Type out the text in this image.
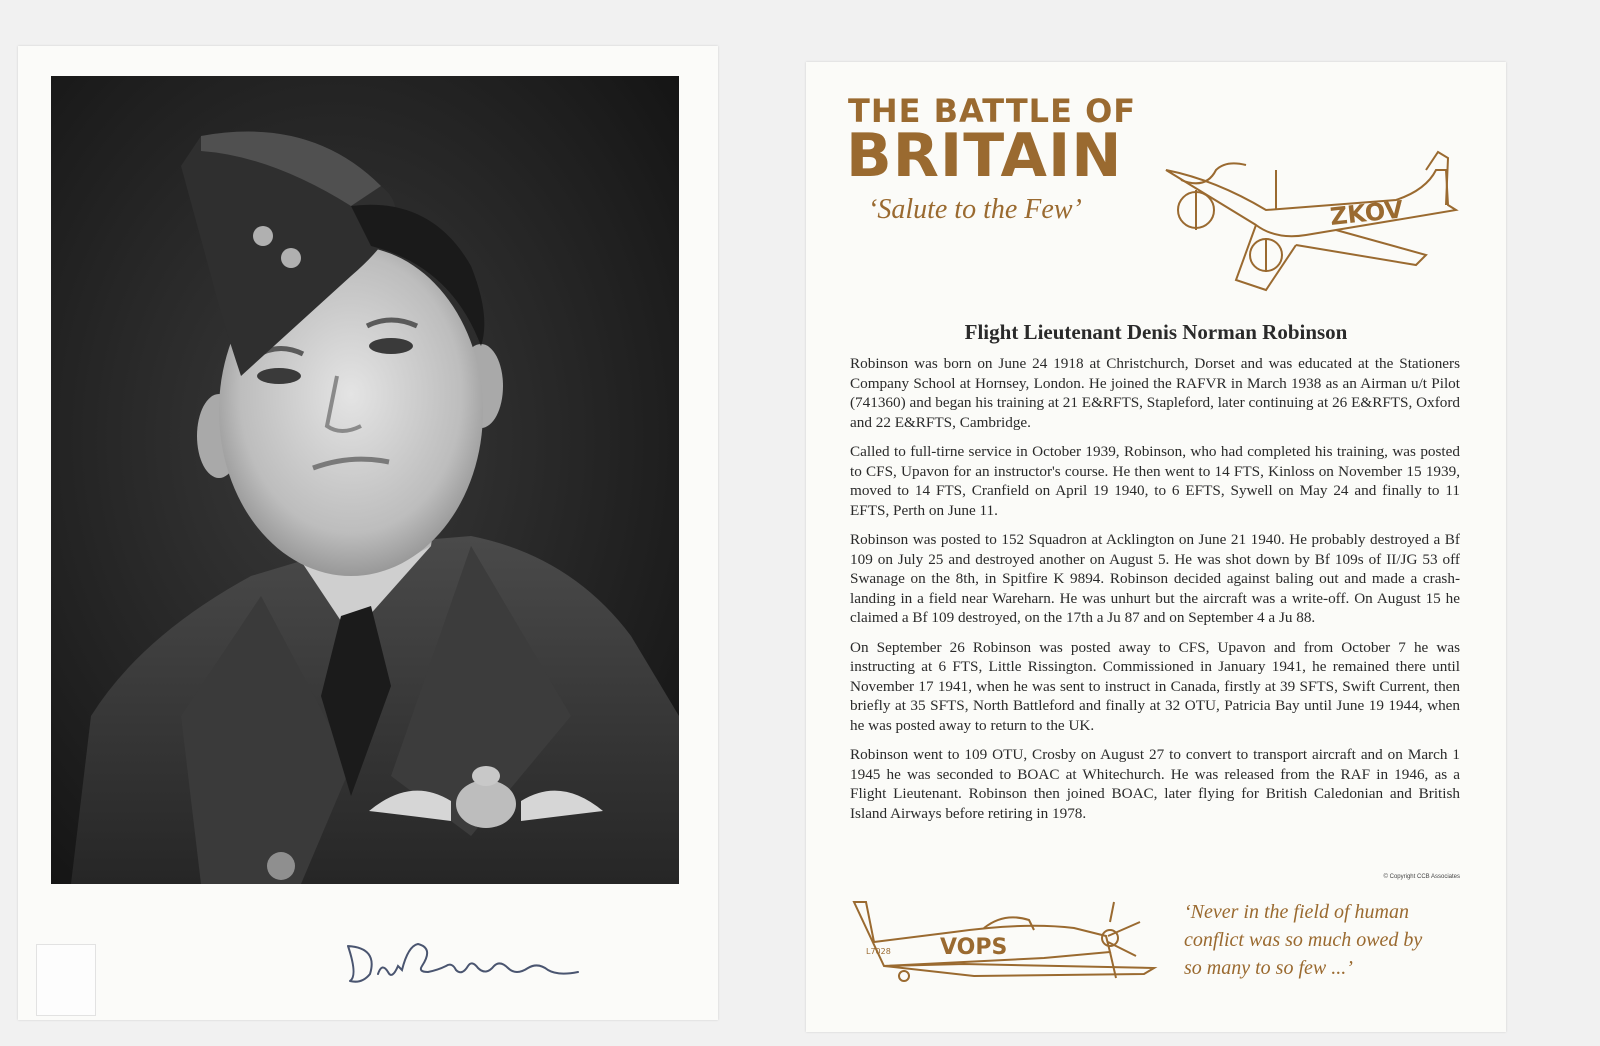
THE BATTLE OF
BRITAIN
‘Salute to the Few’	ZKOV
Flight Lieutenant Denis Norman Robinson

Robinson was born on June 24 1918 at Christchurch, Dorset and was educated at the Stationers Company School at Hornsey, London. He joined the RAFVR in March 1938 as an Airman u/t Pilot (741360) and began his training at 21 E&RFTS, Stapleford, later continuing at 26 E&RFTS, Oxford and 22 E&RFTS, Cambridge.

Called to full-tirne service in October 1939, Robinson, who had completed his training, was posted to CFS, Upavon for an instructor's course. He then went to 14 FTS, Kinloss on November 15 1939, moved to 14 FTS, Cranfield on April 19 1940, to 6 EFTS, Sywell on May 24 and finally to 11 EFTS, Perth on June 11.

Robinson was posted to 152 Squadron at Acklington on June 21 1940. He probably destroyed a Bf 109 on July 25 and destroyed another on August 5. He was shot down by Bf 109s of II/JG 53 off Swanage on the 8th, in Spitfire K 9894. Robinson decided against baling out and made a crash-landing in a field near Wareharn. He was unhurt but the aircraft was a write-off. On August 15 he claimed a Bf 109 destroyed, on the 17th a Ju 87 and on September 4 a Ju 88.

On September 26 Robinson was posted away to CFS, Upavon and from October 7 he was instructing at 6 FTS, Little Rissington. Commissioned in January 1941, he remained there until November 17 1941, when he was sent to instruct in Canada, firstly at 39 SFTS, Swift Current, then briefly at 35 SFTS, North Battleford and finally at 32 OTU, Patricia Bay until June 19 1944, when he was posted away to return to the UK.

Robinson went to 109 OTU, Crosby on August 27 to convert to transport aircraft and on March 1 1945 he was seconded to BOAC at Whitechurch. He was released from the RAF in 1946, as a Flight Lieutenant. Robinson then joined BOAC, later flying for British Caledonian and British Island Airways before retiring in 1978.

© Copyright CCB Associates
L7028 VOPS
‘Never in the field of human
conflict was so much owed by
so many to so few ...’
